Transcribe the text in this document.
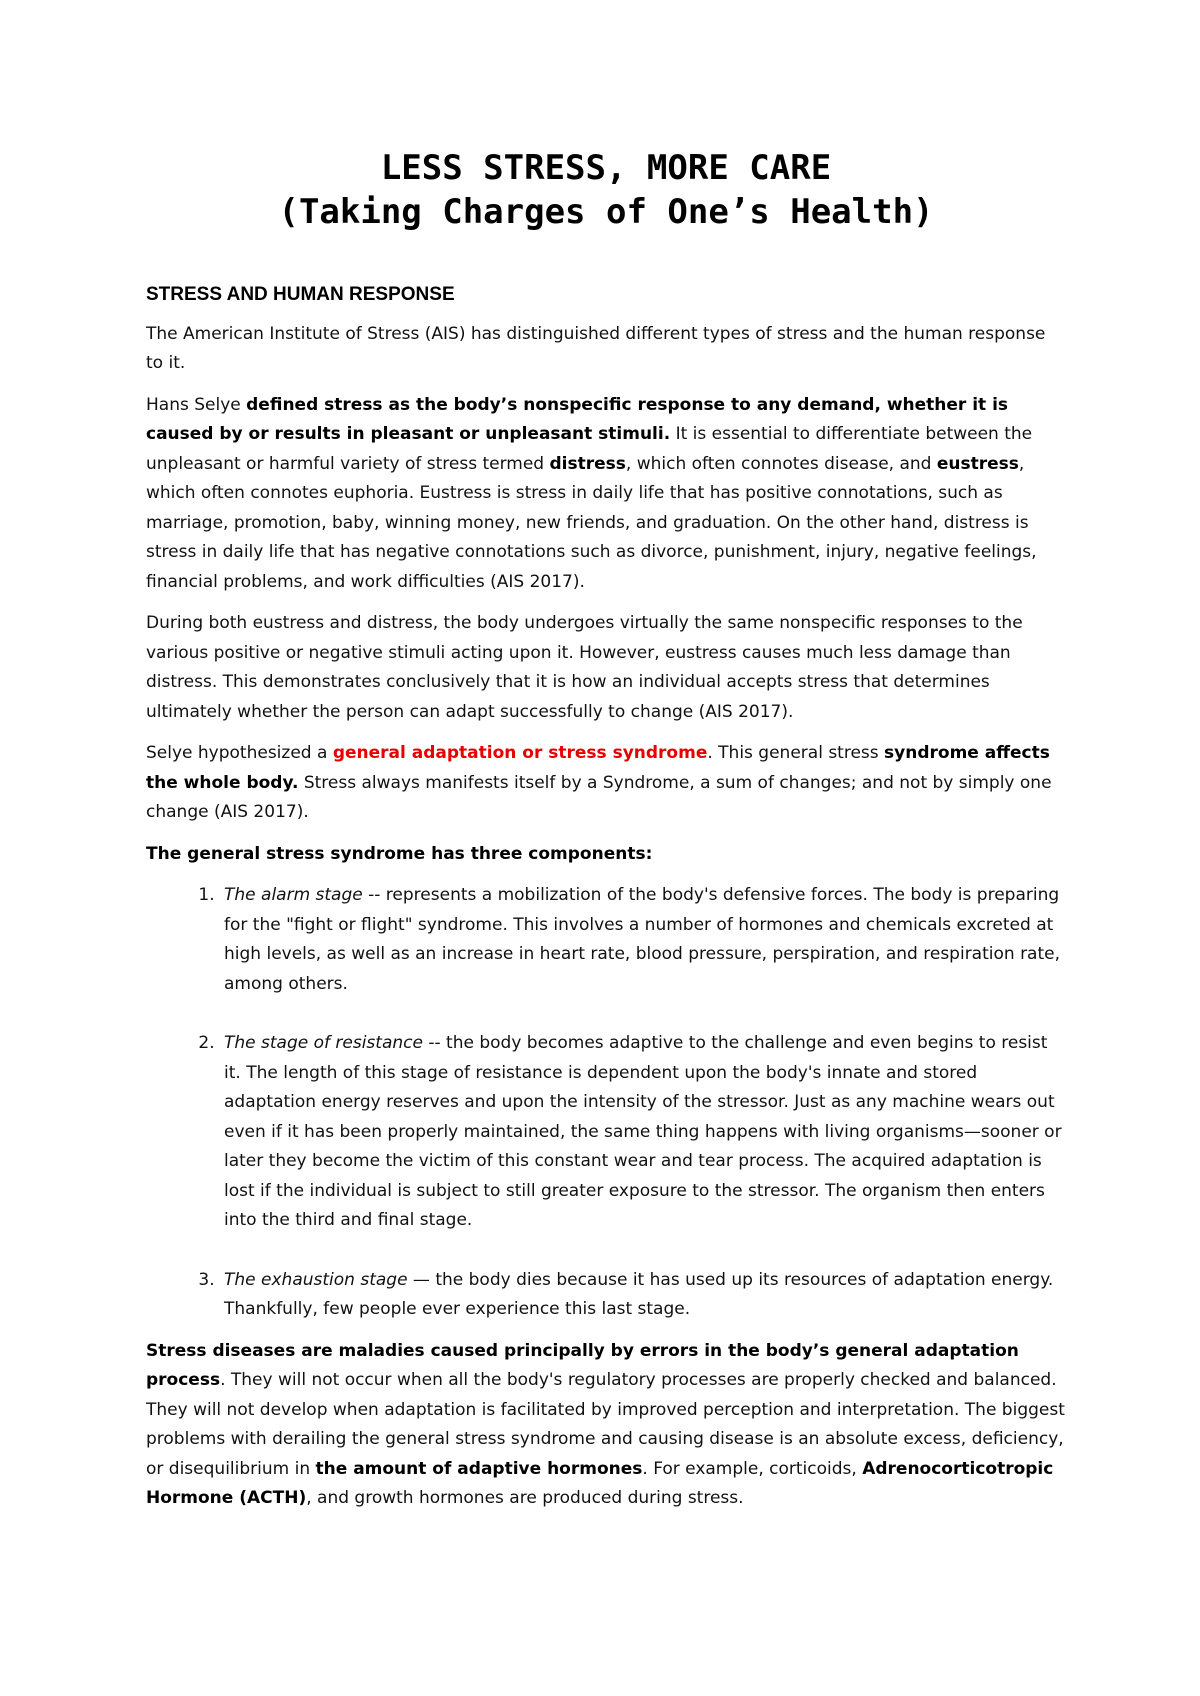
LESS STRESS, MORE CARE
(Taking Charges of One’s Health)
STRESS AND HUMAN RESPONSE

The American Institute of Stress (AIS) has distinguished different types of stress and the human response to it.

Hans Selye defined stress as the body’s nonspecific response to any demand, whether it is caused by or results in pleasant or unpleasant stimuli. It is essential to differentiate between the unpleasant or harmful variety of stress termed distress, which often connotes disease, and eustress, which often connotes euphoria. Eustress is stress in daily life that has positive connotations, such as marriage, promotion, baby, winning money, new friends, and graduation. On the other hand, distress is stress in daily life that has negative connotations such as divorce, punishment, injury, negative feelings, financial problems, and work difficulties (AIS 2017).

During both eustress and distress, the body undergoes virtually the same nonspecific responses to the various positive or negative stimuli acting upon it. However, eustress causes much less damage than distress. This demonstrates conclusively that it is how an individual accepts stress that determines ultimately whether the person can adapt successfully to change (AIS 2017).

Selye hypothesized a general adaptation or stress syndrome. This general stress syndrome affects the whole body. Stress always manifests itself by a Syndrome, a sum of changes; and not by simply one change (AIS 2017).

The general stress syndrome has three components:

1. The alarm stage -- represents a mobilization of the body's defensive forces. The body is preparing for the "fight or flight" syndrome. This involves a number of hormones and chemicals excreted at high levels, as well as an increase in heart rate, blood pressure, perspiration, and respiration rate, among others.
2. The stage of resistance -- the body becomes adaptive to the challenge and even begins to resist it. The length of this stage of resistance is dependent upon the body's innate and stored adaptation energy reserves and upon the intensity of the stressor. Just as any machine wears out even if it has been properly maintained, the same thing happens with living organisms—sooner or later they become the victim of this constant wear and tear process. The acquired adaptation is lost if the individual is subject to still greater exposure to the stressor. The organism then enters into the third and final stage.
3. The exhaustion stage — the body dies because it has used up its resources of adaptation energy. Thankfully, few people ever experience this last stage.

Stress diseases are maladies caused principally by errors in the body’s general adaptation process. They will not occur when all the body's regulatory processes are properly checked and balanced. They will not develop when adaptation is facilitated by improved perception and interpretation. The biggest problems with derailing the general stress syndrome and causing disease is an absolute excess, deficiency, or disequilibrium in the amount of adaptive hormones. For example, corticoids, Adrenocorticotropic Hormone (ACTH), and growth hormones are produced during stress.
